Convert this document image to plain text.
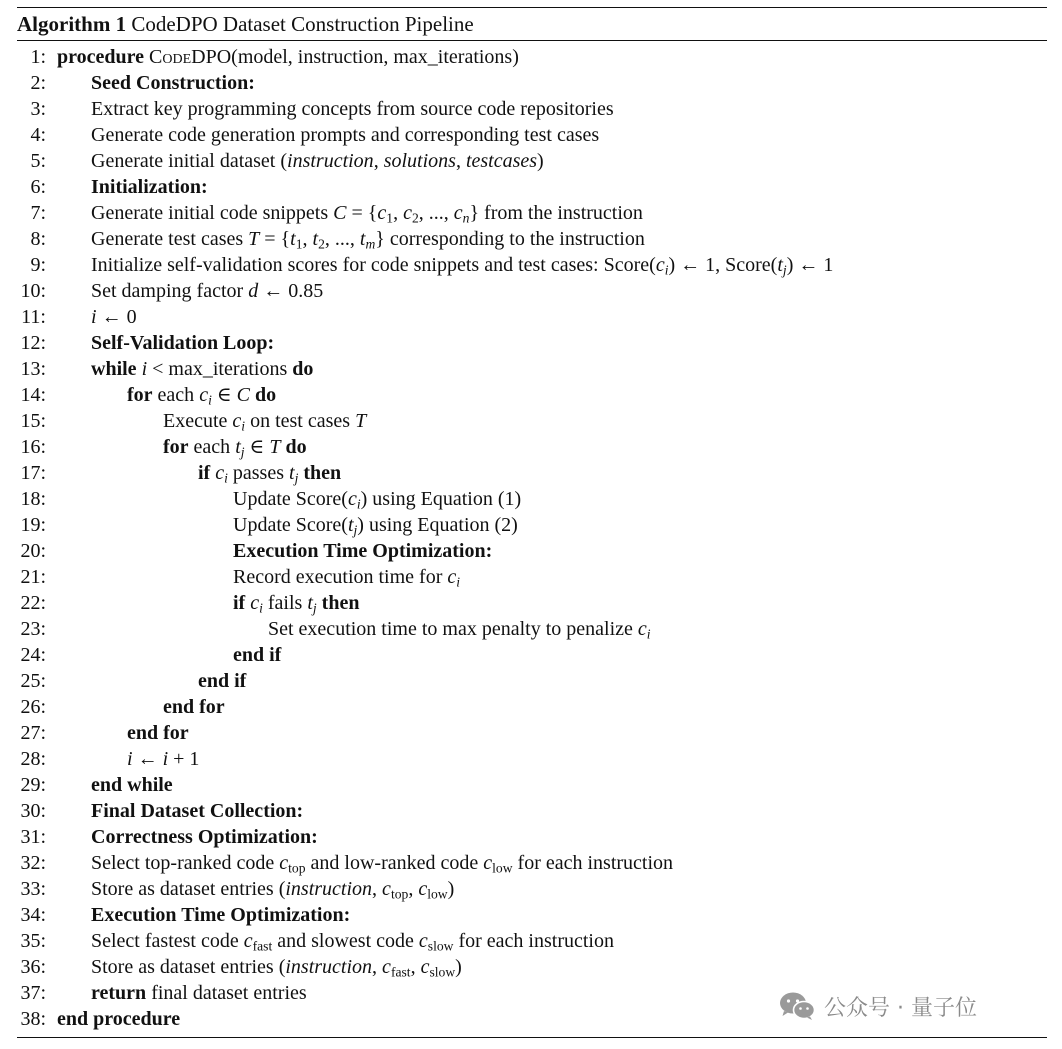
Algorithm 1 CodeDPO Dataset Construction Pipeline
1: procedure CodeDPO(model, instruction, max_iterations)
2: Seed Construction:
3: Extract key programming concepts from source code repositories
4: Generate code generation prompts and corresponding test cases
5: Generate initial dataset (instruction, solutions, testcases)
6: Initialization:
7: Generate initial code snippets $C = \{c_1$, $c_2$, ..., $c_n$} from the instruction
8: Generate test cases $T = \{t_1$, $t_2$, ..., $t_m$} corresponding to the instruction
9: Initialize self-validation scores for code snippets and test cases: $Score(c_i)$ ← 1, $Score(t_j)$ ← 1
10: Set damping factor d ← 0.85
11: i ← 0
12: Self-Validation Loop:
13: while i < max_iterations do
14:	for each $c_i$ ∈ C do
15:	Execute $c_i$ on test cases T
16:	for each $t_j$ ∈ T do
17:	if $c_i$ passes $t_j$ then
18:	Update $Score(c_i)$ using Equation (1)
19:	Update $Score(t_j)$ using Equation (2)
20:	Execution Time Optimization:
21:	Record execution time for $c_i$
22:	if $c_i$ fails $t_j$ then
23:	Set execution time to max penalty to penalize $c_i$
24:	end if
25:	end if
26:	end for
27:	end for
28:	i ← i + 1
29: end while
30: Final Dataset Collection:
31: Correctness Optimization:
32: Select top-ranked code $c_{top}$ and low-ranked code $c_{low}$ for each instruction
33: Store as dataset entries (instruction, $c_{top}$, $c_{low}$)
34: Execution Time Optimization:
35: Select fastest code $c_{fast}$ and slowest code $c_{slow}$ for each instruction
36: Store as dataset entries (instruction, $c_{fast}$, $c_{slow}$)
37: return final dataset entries
38: end procedure	公众号 · 量子位
